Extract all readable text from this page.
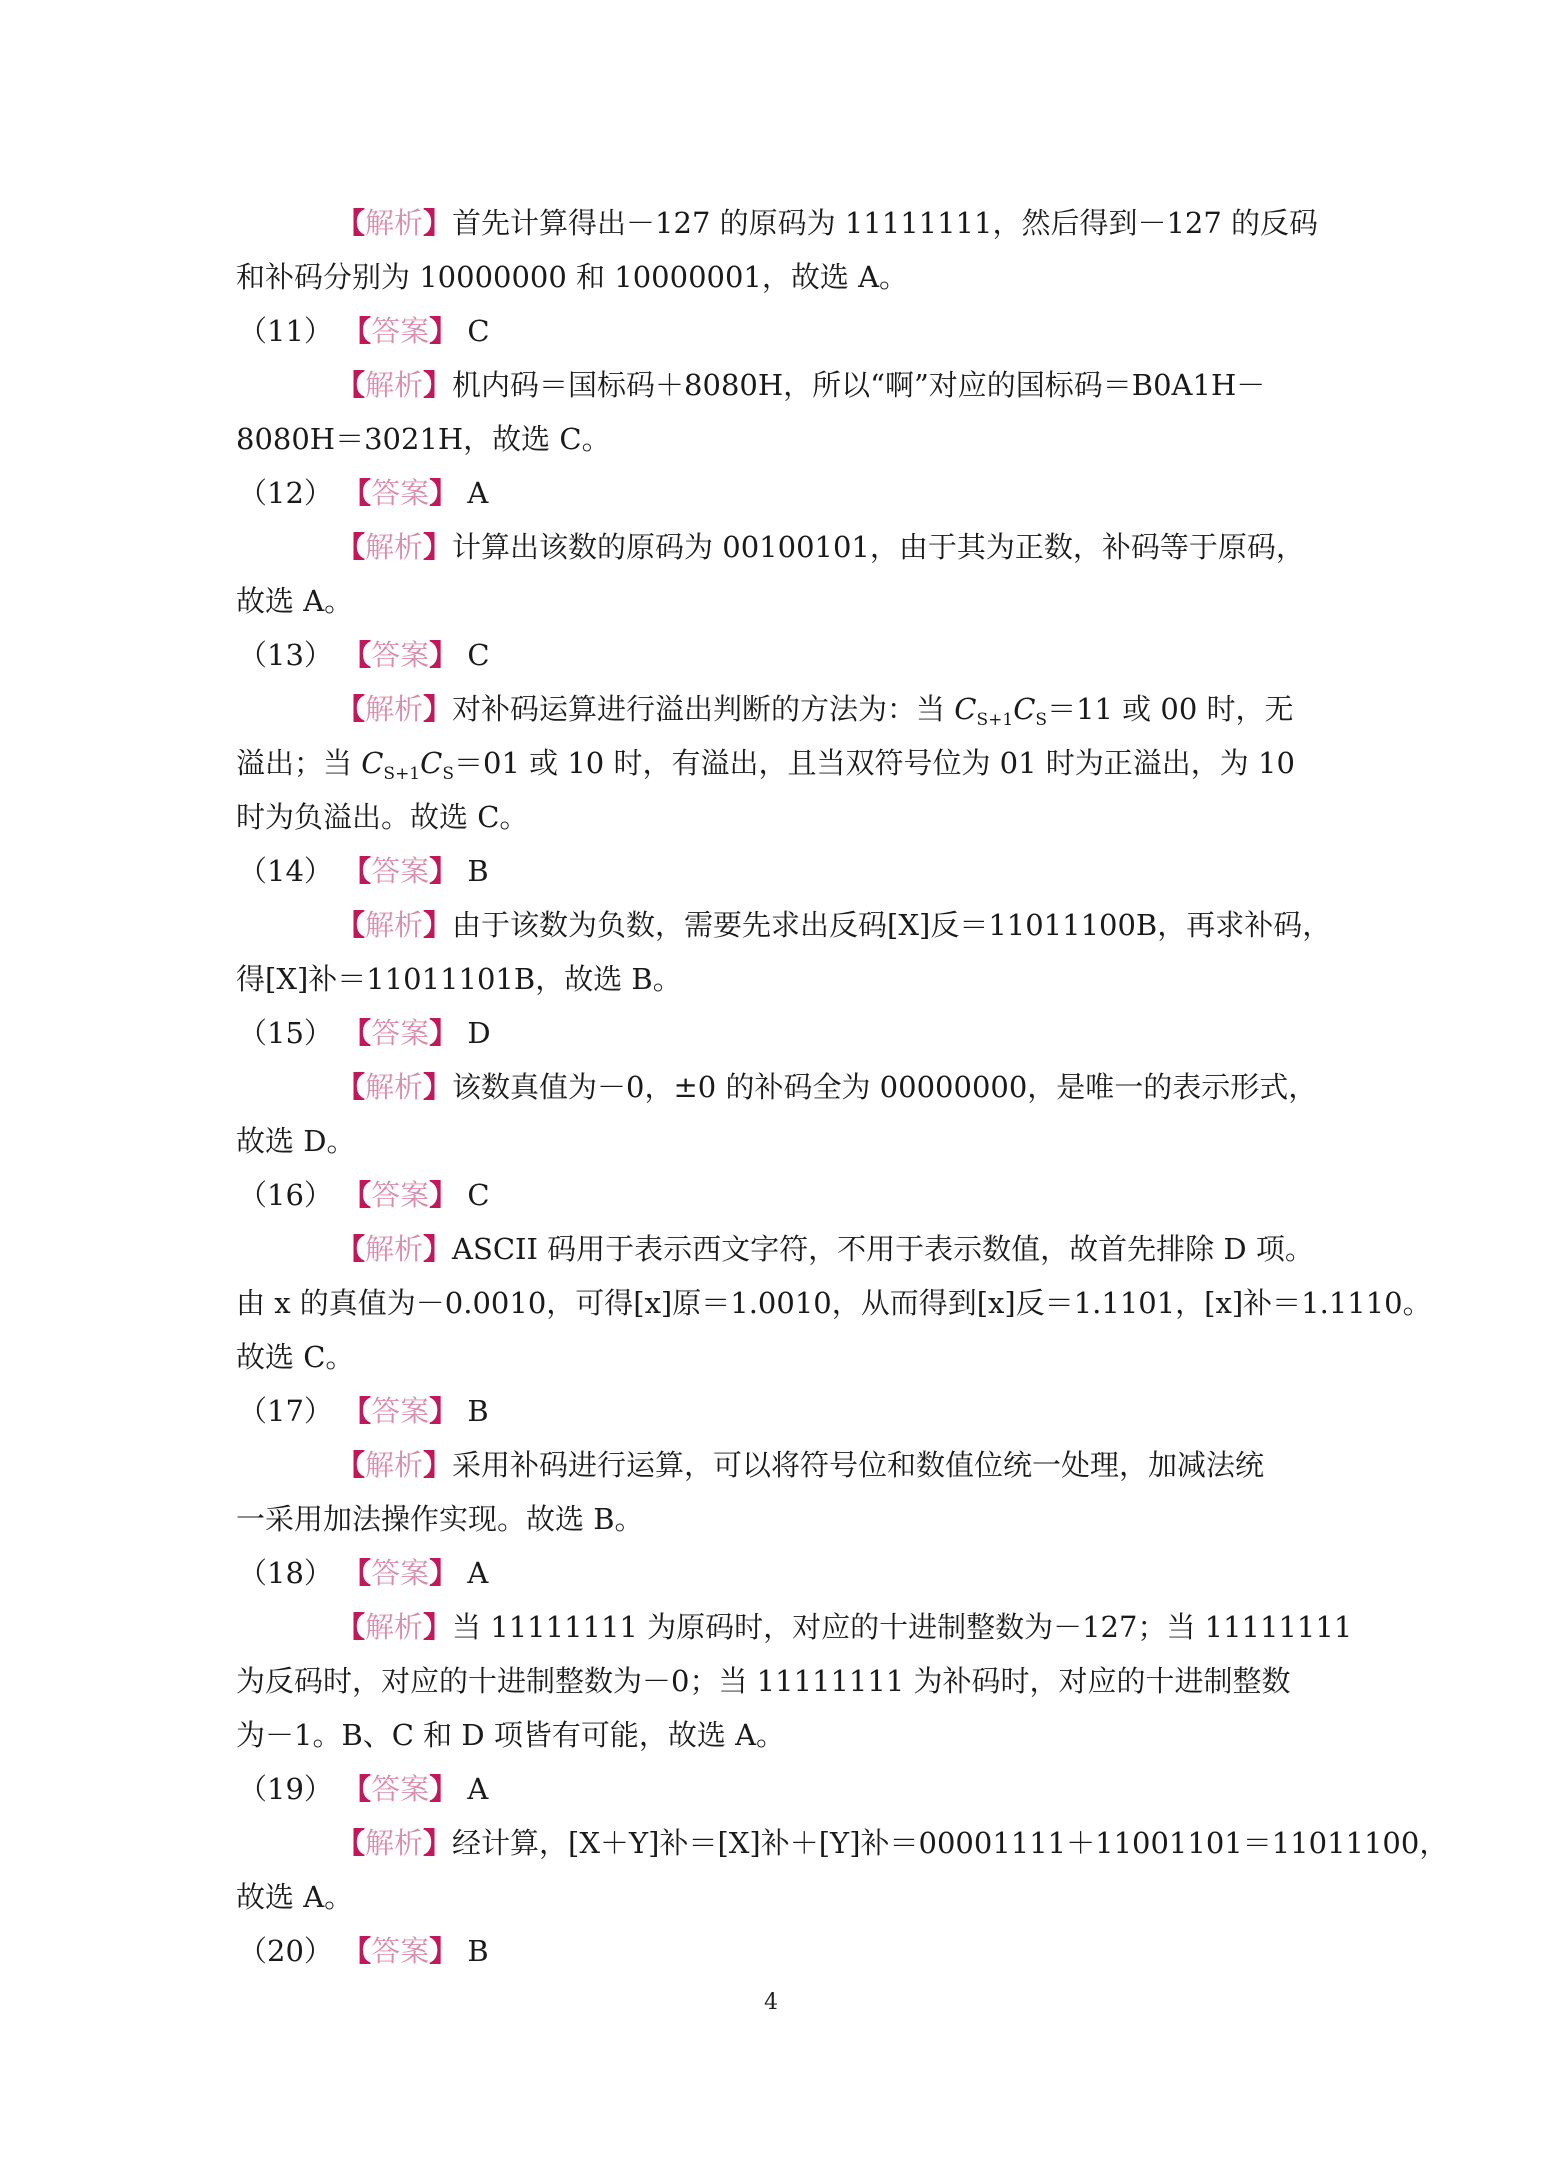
【解析】首先计算得出－127 的原码为 11111111，然后得到－127 的反码
和补码分别为 10000000 和 10000001，故选 A。
（11） 【答案】 C
【解析】机内码＝国标码＋8080H，所以“啊”对应的国标码＝B0A1H－
8080H＝3021H，故选 C。
（12） 【答案】 A
【解析】计算出该数的原码为 00100101，由于其为正数，补码等于原码，
故选 A。
（13） 【答案】 C
【解析】对补码运算进行溢出判断的方法为：当 $C_{S+1}C_S=11$ 或 00 时，无
溢出；当 $C_{S+1}C_S=01$ 或 10 时，有溢出，且当双符号位为 01 时为正溢出，为 10
时为负溢出。故选 C。
（14） 【答案】 B
【解析】由于该数为负数，需要先求出反码[X]反＝11011100B，再求补码，
得[X]补＝11011101B，故选 B。
（15） 【答案】 D
【解析】该数真值为－0，±0 的补码全为 00000000，是唯一的表示形式，
故选 D。
（16） 【答案】 C
【解析】ASCII 码用于表示西文字符，不用于表示数值，故首先排除 D 项。
由 x 的真值为－0.0010，可得[x]原＝1.0010，从而得到[x]反＝1.1101，[x]补＝1.1110。
故选 C。
（17） 【答案】 B
【解析】采用补码进行运算，可以将符号位和数值位统一处理，加减法统
一采用加法操作实现。故选 B。
（18） 【答案】 A
【解析】当 11111111 为原码时，对应的十进制整数为－127；当 11111111
为反码时，对应的十进制整数为－0；当 11111111 为补码时，对应的十进制整数
为－1。B、C 和 D 项皆有可能，故选 A。
（19） 【答案】 A
【解析】经计算，[X＋Y]补＝[X]补＋[Y]补＝00001111＋11001101＝11011100，
故选 A。
（20） 【答案】 B
4
